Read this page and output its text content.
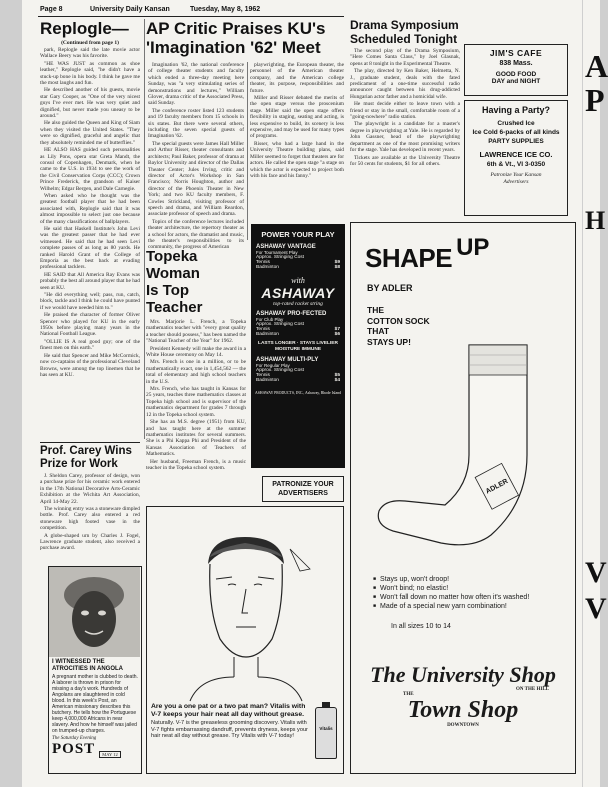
Page 8	University Daily Kansan	Tuesday, May 8, 1962
Replogle—
(Continued from page 1)

park, Replogle said the late movie actor Wallace Beery was his favorite.

"HE WAS JUST as common as shoe leather," Replogle said, "he didn't have a stuck-up bone in his body. I think he gave me the most laughs and fun.

He described another of his guests, movie star Gary Cooper, as "One of the very nicest guys I've ever met. He was very quiet and dignified, but never made you uneasy to be around."

He also guided the Queen and King of Siam when they visited the United States. "They were so dignified, graceful and angelic that they absolutely reminded me of butterflies."

HE ALSO HAS guided such personalities as Lily Pons, opera star Greta Mandt, the consul of Copenhagen, Denmark, when he came to the U.S. in 1934 to see the work of the Civil Conservation Corps (CCC); Crown Prince Frederick, the grandson of Kaiser Wilhelm; Edgar Bergen, and Dale Carnegie.

When asked who he thought was the greatest football player that he had been associated with, Replogle said that it was almost impossible to select just one because of the many classifications of ballplayers.

He said that Haskell Institute's John Levi was the greatest passer that he had ever witnessed. He said that he had seen Levi complete passes of as long as 80 yards. He ranked Harold Grant of the College of Emporia as the best back at evading professional tacklers.

HE SAID that All America Ray Evans was probably the best all around player that he had seen at KU.

"He did everything well; pass, run, catch, block, tackle and I think he could have punted if we would have needed him to."

He praised the character of former Oliver Spencer who played for KU in the early 1950s before playing many years in the National Football League.

"OLLIE IS A real good guy; one of the finest men on this earth."

He said that Spencer and Mike McCormick, now co-captains of the professional Cleveland Browns, were among the top linemen that he has seen at KU.

Prof. Carey Wins
Prize for Work

J. Sheldon Carey, professor of design, won a purchase prize for his ceramic work entered in the 17th National Decorative Arts-Ceramic Exhibition at the Wichita Art Association, April 14-May 22.

The winning entry was a stoneware dimpled bottle. Prof. Carey also entered a red stoneware high footed vase in the competition.

A globe-shaped urn by Charles J. Fogel, Lawrence graduate student, also received a purchase award.

I WITNESSED THE ATROCITIES IN ANGOLA
A pregnant mother is clubbed to death. A laborer is thrown in prison for missing a day's work. Hundreds of Angolans are slaughtered in cold blood. In this week's Post, an American missionary describes this butchery. He tells how the Portuguese keep 4,000,000 Africans in near slavery. And how he himself was jailed on trumped-up charges.
The Saturday Evening
POST	MAY 12
AP Critic Praises KU's
'Imagination '62' Meet

Imagination '62, the national conference of college theater students and faculty which ended a three-day meeting here Sunday, was "a very stimulating series of demonstrations and lectures," William Glover, drama critic of the Associated Press, said Sunday.

The conference roster listed 123 students and 19 faculty members from 15 schools in six states. But there were several others, including the seven special guests of Imagination '62.

The special guests were James Hall Miller and Arthur Risser, theater consultants and architects; Paul Baker, professor of drama at Baylor University and director of the Dallas Theater Center; Jules Irving, critic and director of Actor's Workshop in San Francisco; Norris Houghton, author and director of the Phoenix Theater in New York; and two KU faculty members, F. Cowles Strickland, visiting professor of speech and drama, and William Reardon, associate professor of speech and drama.

Topics of the conference lectures included theater architecture, the repertory theater as a school for actors, the dramatist and music, the theater's responsibilities to its community, the progress of American

playwrighting, the European theater, the personnel of the American theater company, and the American college theater, its purpose, responsibilities and future.

Miller and Risser debated the merits of the open stage versus the proscenium stage. Miller said the open stage offers flexibility in staging, seating and acting, is less expensive to build, its scenery is less expensive, and may be used for many types of programs.

Risser, who had a large hand in the University Theatre building plans, said Miller seemed to forget that theaters are for actors. He called the open stage "a stage on which the actor is expected to project both with his face and his fanny."

Topeka Woman
Is Top Teacher

Mrs. Marjorie L. French, a Topeka mathematics teacher with "every great quality a teacher should possess," has been named the "National Teacher of the Year" for 1962.

President Kennedy will make the award in a White House ceremony on May 14.

Mrs. French is one in a million, or to be mathematically exact, one in 1,454,562 — the total of elementary and high school teachers in the U.S.

Mrs. French, who has taught in Kansas for 25 years, teaches three mathematics classes at Topeka high school and is supervisor of the mathematics department for grades 7 through 12 in the Topeka school system.

She has an M.S. degree (1951) from KU, and has taught here at the summer mathematics institutes for several summers. She is a Phi Kappa Phi and President of the Kansas Association of Teachers of Mathematics.

Her husband, Freeman French, is a music teacher in the Topeka school system.

POWER YOUR PLAY
ASHAWAY VANTAGE
For Tournament Play
Approx. Stringing Cost
Tennis	$9
Badminton	$8
with
ASHAWAY
top-rated racket string
ASHAWAY PRO-FECTED
For Club Play
Approx. Stringing Cost
Tennis	$7
Badminton	$6
LASTS LONGER · STAYS LIVELIER MOISTURE IMMUNE
ASHAWAY MULTI-PLY
For Regular Play
Approx. Stringing Cost
Tennis	$5
Badminton	$4
ASHAWAY PRODUCTS, INC., Ashaway, Rhode Island
PATRONIZE YOUR
ADVERTISERS
Are you a one pat or a two pat man? Vitalis with V-7 keeps your hair neat all day without grease.
Naturally. V-7 is the greaseless grooming discovery. Vitalis with V-7 fights embarrassing dandruff, prevents dryness, keeps your hair neat all day without grease. Try Vitalis with V-7 today!
Vitalis
Drama Symposium
Scheduled Tonight

The second play of the Drama Symposium, "Here Comes Santa Claus," by Joel Glasnak, opens at 8 tonight in the Experimental Theatre.

The play, directed by Ken Baker, Helmetta, N. J., graduate student, deals with the fated predicament of a one-time successful radio announcer caught between his drug-addicted Hungarian actor father and a homicidal wife.

He must decide either to leave town with a friend or stay in the small, comfortable room of a "going-nowhere" radio station.

The playwright is a candidate for a master's degree in playwrighting at Yale. He is regarded by John Gassner, head of the playwrighting department as one of the most promising writers for the stage. Yale has developed in recent years.

Tickets are available at the University Theatre for 50 cents for students, $1 for all others.

JIM'S CAFE
838 Mass.
GOOD FOOD
DAY and NIGHT
Having a Party?
Crushed Ice
Ice Cold 6-packs of all kinds
PARTY SUPPLIES
LAWRENCE ICE CO.
6th & Vt., VI 3-0350
Patronize Your Kansan Advertisers
SHAPE UP
BY ADLER
THE
COTTON SOCK
THAT
STAYS UP!
ADLER
■ Stays up, won't droop!
■ Won't bind; no elastic!
■ Won't fall down no matter how often it's washed!
■ Made of a special new yarn combination!
In all sizes 10 to 14
The University Shop
ON THE HILL
THE
Town Shop
DOWNTOWN
A
P
H
V
V
